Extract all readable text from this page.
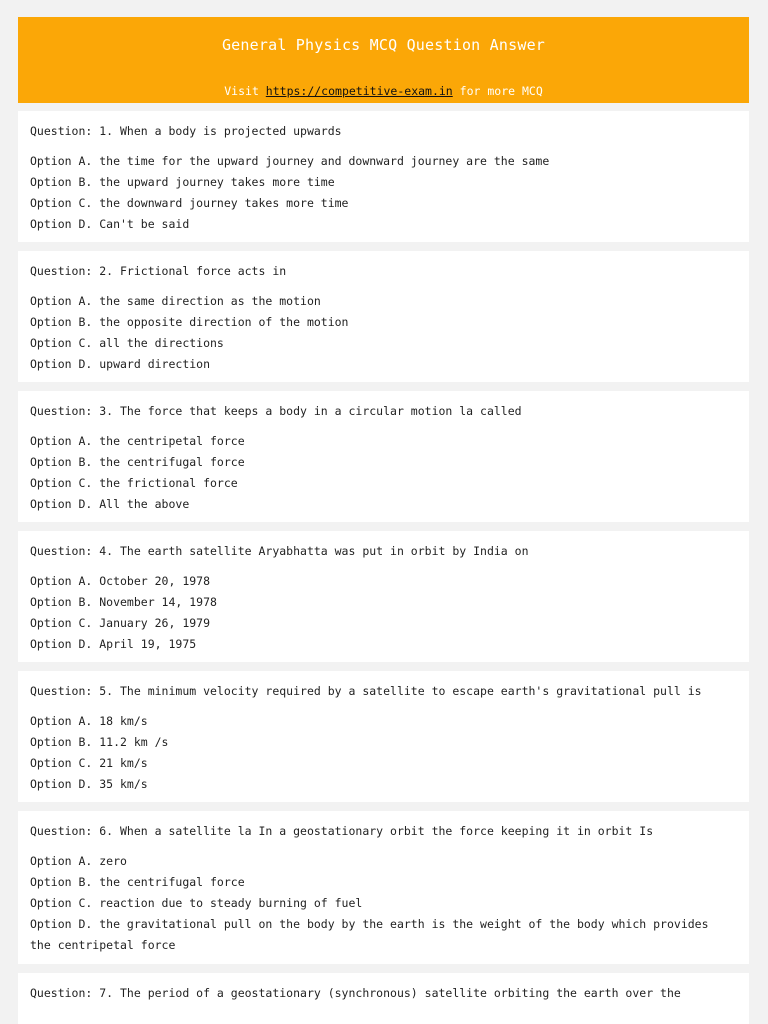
General Physics MCQ Question Answer
Visit https://competitive-exam.in for more MCQ
Question: 1. When a body is projected upwards
Option A. the time for the upward journey and downward journey are the same
Option B. the upward journey takes more time
Option C. the downward journey takes more time
Option D. Can't be said
Question: 2. Frictional force acts in
Option A. the same direction as the motion
Option B. the opposite direction of the motion
Option C. all the directions
Option D. upward direction
Question: 3. The force that keeps a body in a circular motion la called
Option A. the centripetal force
Option B. the centrifugal force
Option C. the frictional force
Option D. All the above
Question: 4. The earth satellite Aryabhatta was put in orbit by India on
Option A. October 20, 1978
Option B. November 14, 1978
Option C. January 26, 1979
Option D. April 19, 1975
Question: 5. The minimum velocity required by a satellite to escape earth's gravitational pull is
Option A. 18 km/s
Option B. 11.2 km /s
Option C. 21 km/s
Option D. 35 km/s
Question: 6. When a satellite la In a geostationary orbit the force keeping it in orbit Is
Option A. zero
Option B. the centrifugal force
Option C. reaction due to steady burning of fuel
Option D. the gravitational pull on the body by the earth is the weight of the body which provides the centripetal force
Question: 7. The period of a geostationary (synchronous) satellite orbiting the earth over the
